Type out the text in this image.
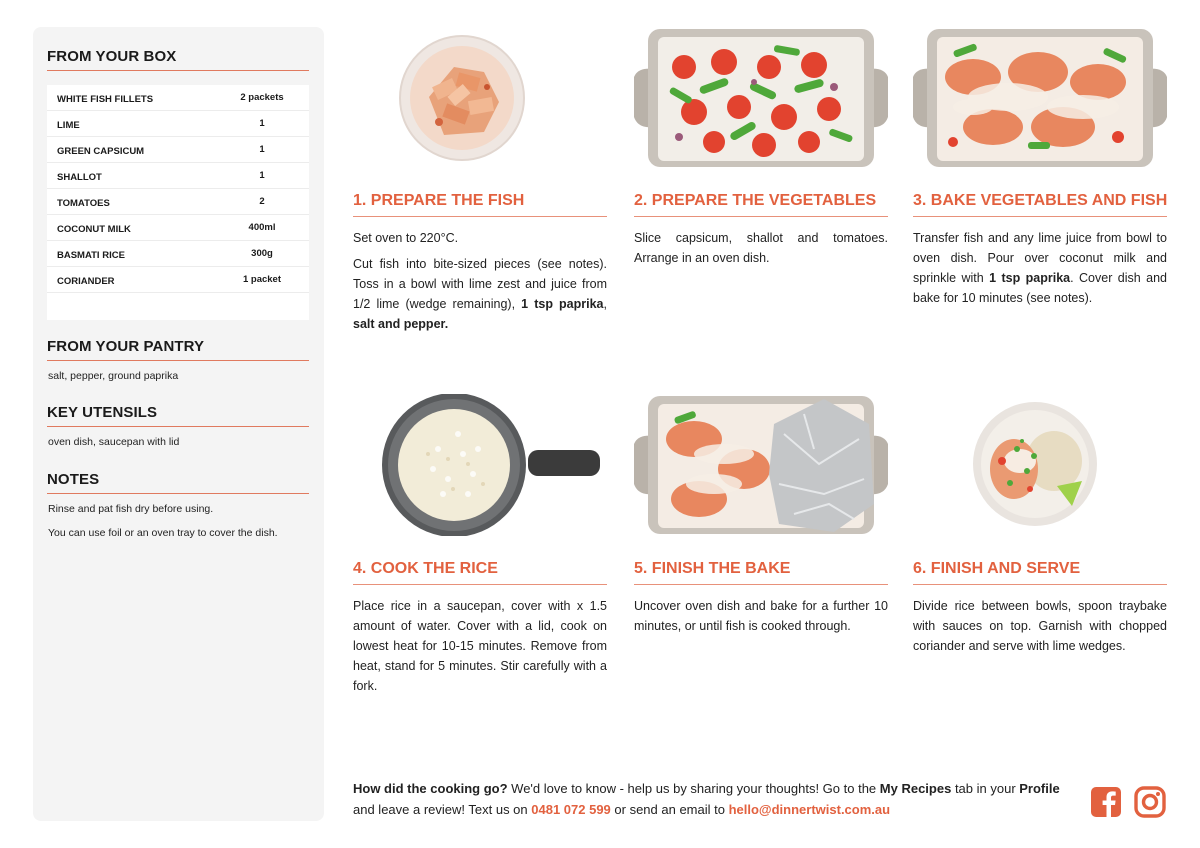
FROM YOUR BOX
WHITE FISH FILLETS	2 packets
LIME	1
GREEN CAPSICUM	1
SHALLOT	1
TOMATOES	2
COCONUT MILK	400ml
BASMATI RICE	300g
CORIANDER	1 packet
FROM YOUR PANTRY
salt, pepper, ground paprika
KEY UTENSILS
oven dish, saucepan with lid
NOTES
Rinse and pat fish dry before using.
You can use foil or an oven tray to cover the dish.
1. PREPARE THE FISH

Set oven to 220°C.

Cut fish into bite-sized pieces (see notes). Toss in a bowl with lime zest and juice from 1/2 lime (wedge remaining), 1 tsp paprika, salt and pepper.

2. PREPARE THE VEGETABLES

Slice capsicum, shallot and tomatoes. Arrange in an oven dish.

3. BAKE VEGETABLES AND FISH

Transfer fish and any lime juice from bowl to oven dish. Pour over coconut milk and sprinkle with 1 tsp paprika. Cover dish and bake for 10 minutes (see notes).

4. COOK THE RICE

Place rice in a saucepan, cover with x 1.5 amount of water. Cover with a lid, cook on lowest heat for 10-15 minutes. Remove from heat, stand for 5 minutes. Stir carefully with a fork.

5. FINISH THE BAKE

Uncover oven dish and bake for a further 10 minutes, or until fish is cooked through.

6. FINISH AND SERVE

Divide rice between bowls, spoon traybake with sauces on top. Garnish with chopped coriander and serve with lime wedges.

How did the cooking go? We'd love to know - help us by sharing your thoughts! Go to the My Recipes tab in your Profile and leave a review! Text us on 0481 072 599 or send an email to hello@dinnertwist.com.au
